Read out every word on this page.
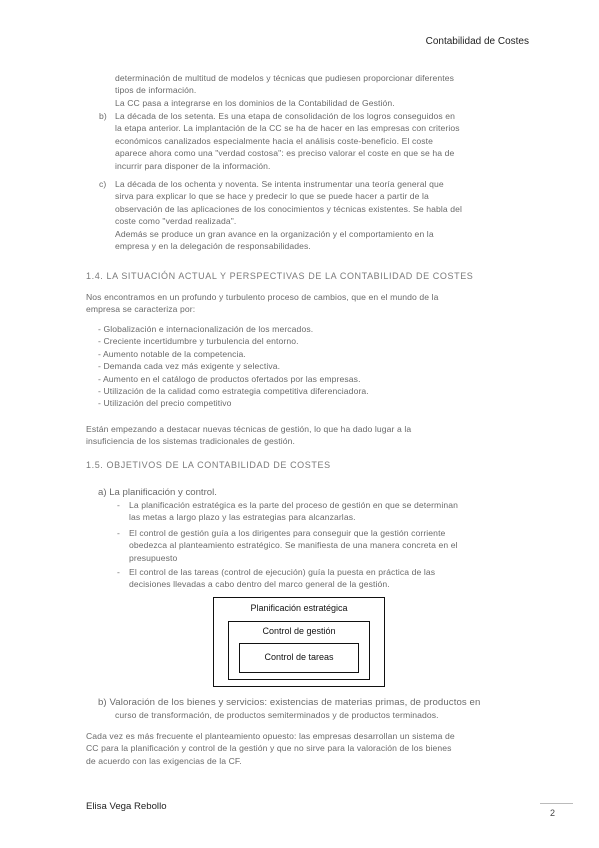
Contabilidad de Costes
determinación de multitud de modelos y técnicas que pudiesen proporcionar diferentes
tipos de información.
La CC pasa a integrarse en los dominios de la Contabilidad de Gestión.
b) La década de los setenta. Es una etapa de consolidación de los logros conseguidos en
la etapa anterior. La implantación de la CC se ha de hacer en las empresas con criterios
económicos canalizados especialmente hacia el análisis coste-beneficio. El coste
aparece ahora como una "verdad costosa": es preciso valorar el coste en que se ha de
incurrir para disponer de la información.
c) La década de los ochenta y noventa. Se intenta instrumentar una teoría general que
sirva para explicar lo que se hace y predecir lo que se puede hacer a partir de la
observación de las aplicaciones de los conocimientos y técnicas existentes. Se habla del
coste como "verdad realizada".
Además se produce un gran avance en la organización y el comportamiento en la
empresa y en la delegación de responsabilidades.
1.4. LA SITUACIÓN ACTUAL Y PERSPECTIVAS DE LA CONTABILIDAD DE COSTES
Nos encontramos en un profundo y turbulento proceso de cambios, que en el mundo de la
empresa se caracteriza por:
- Globalización e internacionalización de los mercados.
- Creciente incertidumbre y turbulencia del entorno.
- Aumento notable de la competencia.
- Demanda cada vez más exigente y selectiva.
- Aumento en el catálogo de productos ofertados por las empresas.
- Utilización de la calidad como estrategia competitiva diferenciadora.
- Utilización del precio competitivo
Están empezando a destacar nuevas técnicas de gestión, lo que ha dado lugar a la
insuficiencia de los sistemas tradicionales de gestión.
1.5. OBJETIVOS DE LA CONTABILIDAD DE COSTES
a) La planificación y control.
- La planificación estratégica es la parte del proceso de gestión en que se determinan
las metas a largo plazo y las estrategias para alcanzarlas.
- El control de gestión guía a los dirigentes para conseguir que la gestión corriente
obedezca al planteamiento estratégico. Se manifiesta de una manera concreta en el
presupuesto
- El control de las tareas (control de ejecución) guía la puesta en práctica de las
decisiones llevadas a cabo dentro del marco general de la gestión.
Planificación estratégica
Control de gestión
Control de tareas
b) Valoración de los bienes y servicios: existencias de materias primas, de productos en
curso de transformación, de productos semiterminados y de productos terminados.
Cada vez es más frecuente el planteamiento opuesto: las empresas desarrollan un sistema de
CC para la planificación y control de la gestión y que no sirve para la valoración de los bienes
de acuerdo con las exigencias de la CF.
Elisa Vega Rebollo
2
